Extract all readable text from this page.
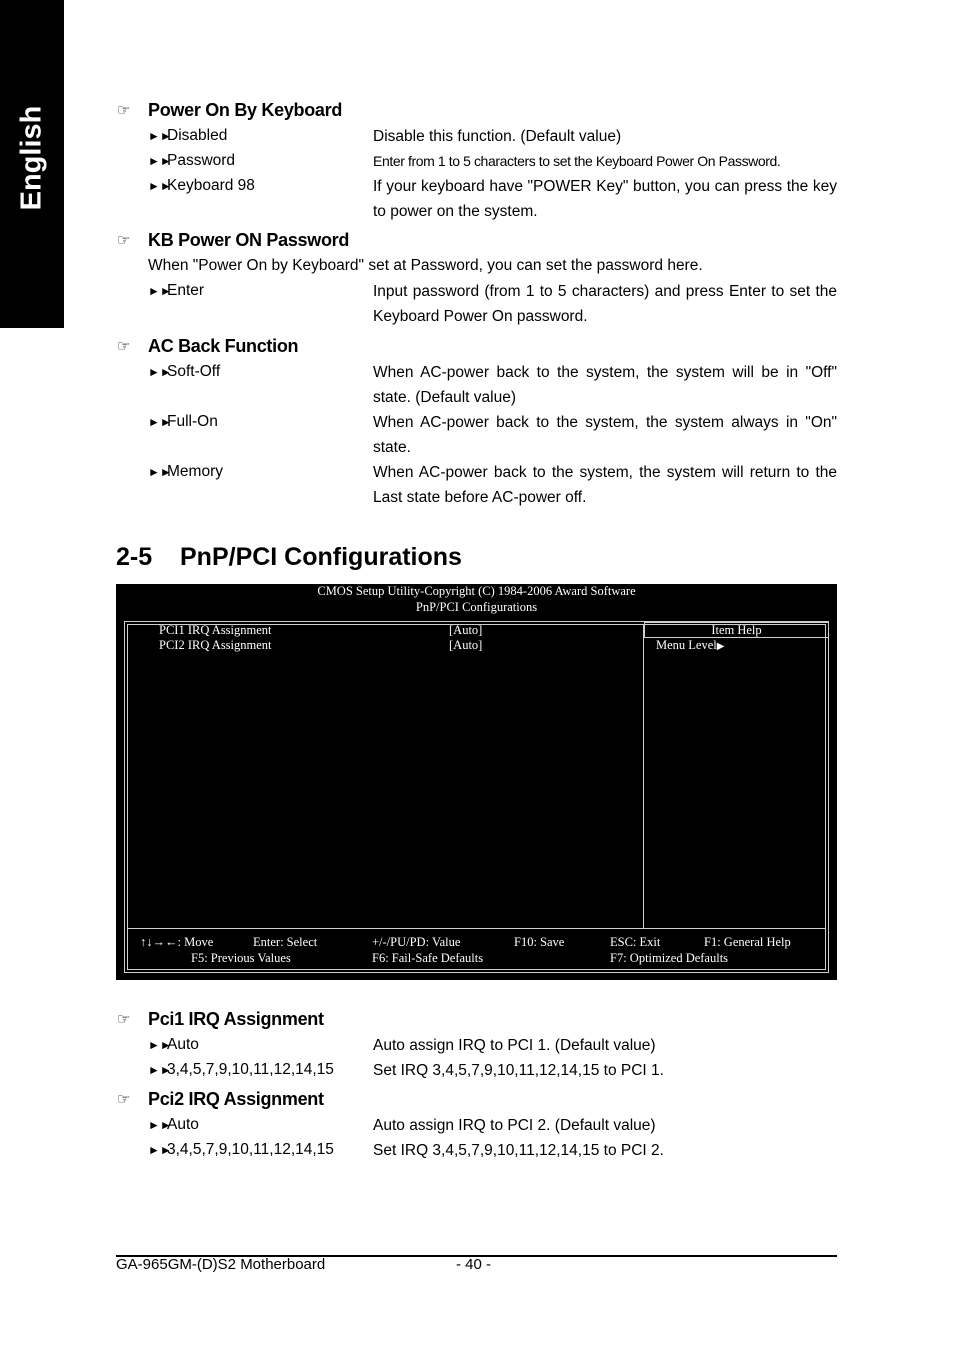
English	☞ Power On By Keyboard
►►Disabled	Disable this function. (Default value)
►►Password	Enter from 1 to 5 characters to set the Keyboard Power On Password.
►►Keyboard 98	If your keyboard have "POWER Key" button, you can press the key to power on the system.
☞ KB Power ON Password
When "Power On by Keyboard" set at Password, you can set the password here.
►►Enter	Input password (from 1 to 5 characters) and press Enter to set the Keyboard Power On password.
☞ AC Back Function
►►Soft-Off	When AC-power back to the system, the system will be in "Off" state. (Default value)
►►Full-On	When AC-power back to the system, the system always in "On" state.
►►Memory	When AC-power back to the system, the system will return to the Last state before AC-power off.
2-5 PnP/PCI Configurations
CMOS Setup Utility-Copyright (C) 1984-2006 Award Software
PnP/PCI Configurations
Item Help
PCI1 IRQ Assignment	[Auto]
PCI2 IRQ Assignment	[Auto]	Menu Level▶
↑↓→←: Move	Enter: Select	+/-/PU/PD: Value	F10: Save	ESC: Exit	F1: General Help
F5: Previous Values	F6: Fail-Safe Defaults	F7: Optimized Defaults
☞ Pci1 IRQ Assignment
►►Auto	Auto assign IRQ to PCI 1. (Default value)
►►3,4,5,7,9,10,11,12,14,15	Set IRQ 3,4,5,7,9,10,11,12,14,15 to PCI 1.
☞ Pci2 IRQ Assignment
►►Auto	Auto assign IRQ to PCI 2. (Default value)
►►3,4,5,7,9,10,11,12,14,15	Set IRQ 3,4,5,7,9,10,11,12,14,15 to PCI 2.
GA-965GM-(D)S2 Motherboard	- 40 -
